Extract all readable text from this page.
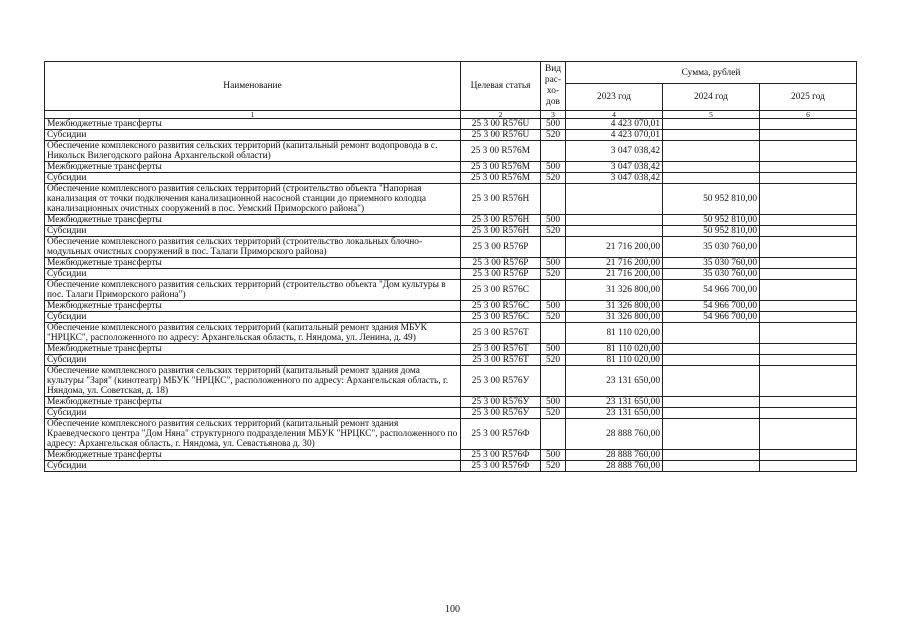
Наименование	Целевая статья	Вид рас-хо-дов	Сумма, рублей		
			2023 год	2024 год	2025 год
1	2	3	4	5	6
Межбюджетные трансферты	25 3 00 R576U	500	4 423 070,01		
Субсидии	25 3 00 R576U	520	4 423 070,01		
Обеспечение комплексного развития сельских территорий (капитальный ремонт водопровода в с. Никольск Вилегодского района Архангельской области)	25 3 00 R576M		3 047 038,42		
Межбюджетные трансферты	25 3 00 R576M	500	3 047 038,42		
Субсидии	25 3 00 R576M	520	3 047 038,42		
Обеспечение комплексного развития сельских территорий (строительство объекта "Напорная канализация от точки подключения канализационной насосной станции до приемного колодца канализационных очистных сооружений в пос. Уемский Приморского района")	25 3 00 R576H			50 952 810,00	
Межбюджетные трансферты	25 3 00 R576H	500		50 952 810,00	
Субсидии	25 3 00 R576H	520		50 952 810,00	
Обеспечение комплексного развития сельских территорий (строительство локальных блочно-модульных очистных сооружений в пос. Талаги Приморского района)	25 3 00 R576P		21 716 200,00	35 030 760,00	
Межбюджетные трансферты	25 3 00 R576P	500	21 716 200,00	35 030 760,00	
Субсидии	25 3 00 R576P	520	21 716 200,00	35 030 760,00	
Обеспечение комплексного развития сельских территорий (строительство объекта "Дом культуры в пос. Талаги Приморского района")	25 3 00 R576C		31 326 800,00	54 966 700,00	
Межбюджетные трансферты	25 3 00 R576C	500	31 326 800,00	54 966 700,00	
Субсидии	25 3 00 R576C	520	31 326 800,00	54 966 700,00	
Обеспечение комплексного развития сельских территорий (капитальный ремонт здания МБУК "НРЦКС", расположенного по адресу: Архангельская область, г. Няндома, ул. Ленина, д. 49)	25 3 00 R576T		81 110 020,00		
Межбюджетные трансферты	25 3 00 R576T	500	81 110 020,00		
Субсидии	25 3 00 R576T	520	81 110 020,00		
Обеспечение комплексного развития сельских территорий (капитальный ремонт здания дома культуры "Заря" (кинотеатр) МБУК "НРЦКС", расположенного по адресу: Архангельская область, г. Няндома, ул. Советская, д. 18)	25 3 00 R576У		23 131 650,00		
Межбюджетные трансферты	25 3 00 R576У	500	23 131 650,00		
Субсидии	25 3 00 R576У	520	23 131 650,00		
Обеспечение комплексного развития сельских территорий (капитальный ремонт здания Краеведческого центра "Дом Няна" структурного подразделения МБУК "НРЦКС", расположенного по адресу: Архангельская область, г. Няндома, ул. Севастьянова д. 30)	25 3 00 R576Ф		28 888 760,00		
Межбюджетные трансферты	25 3 00 R576Ф	500	28 888 760,00		
Субсидии	25 3 00 R576Ф	520	28 888 760,00		
100
